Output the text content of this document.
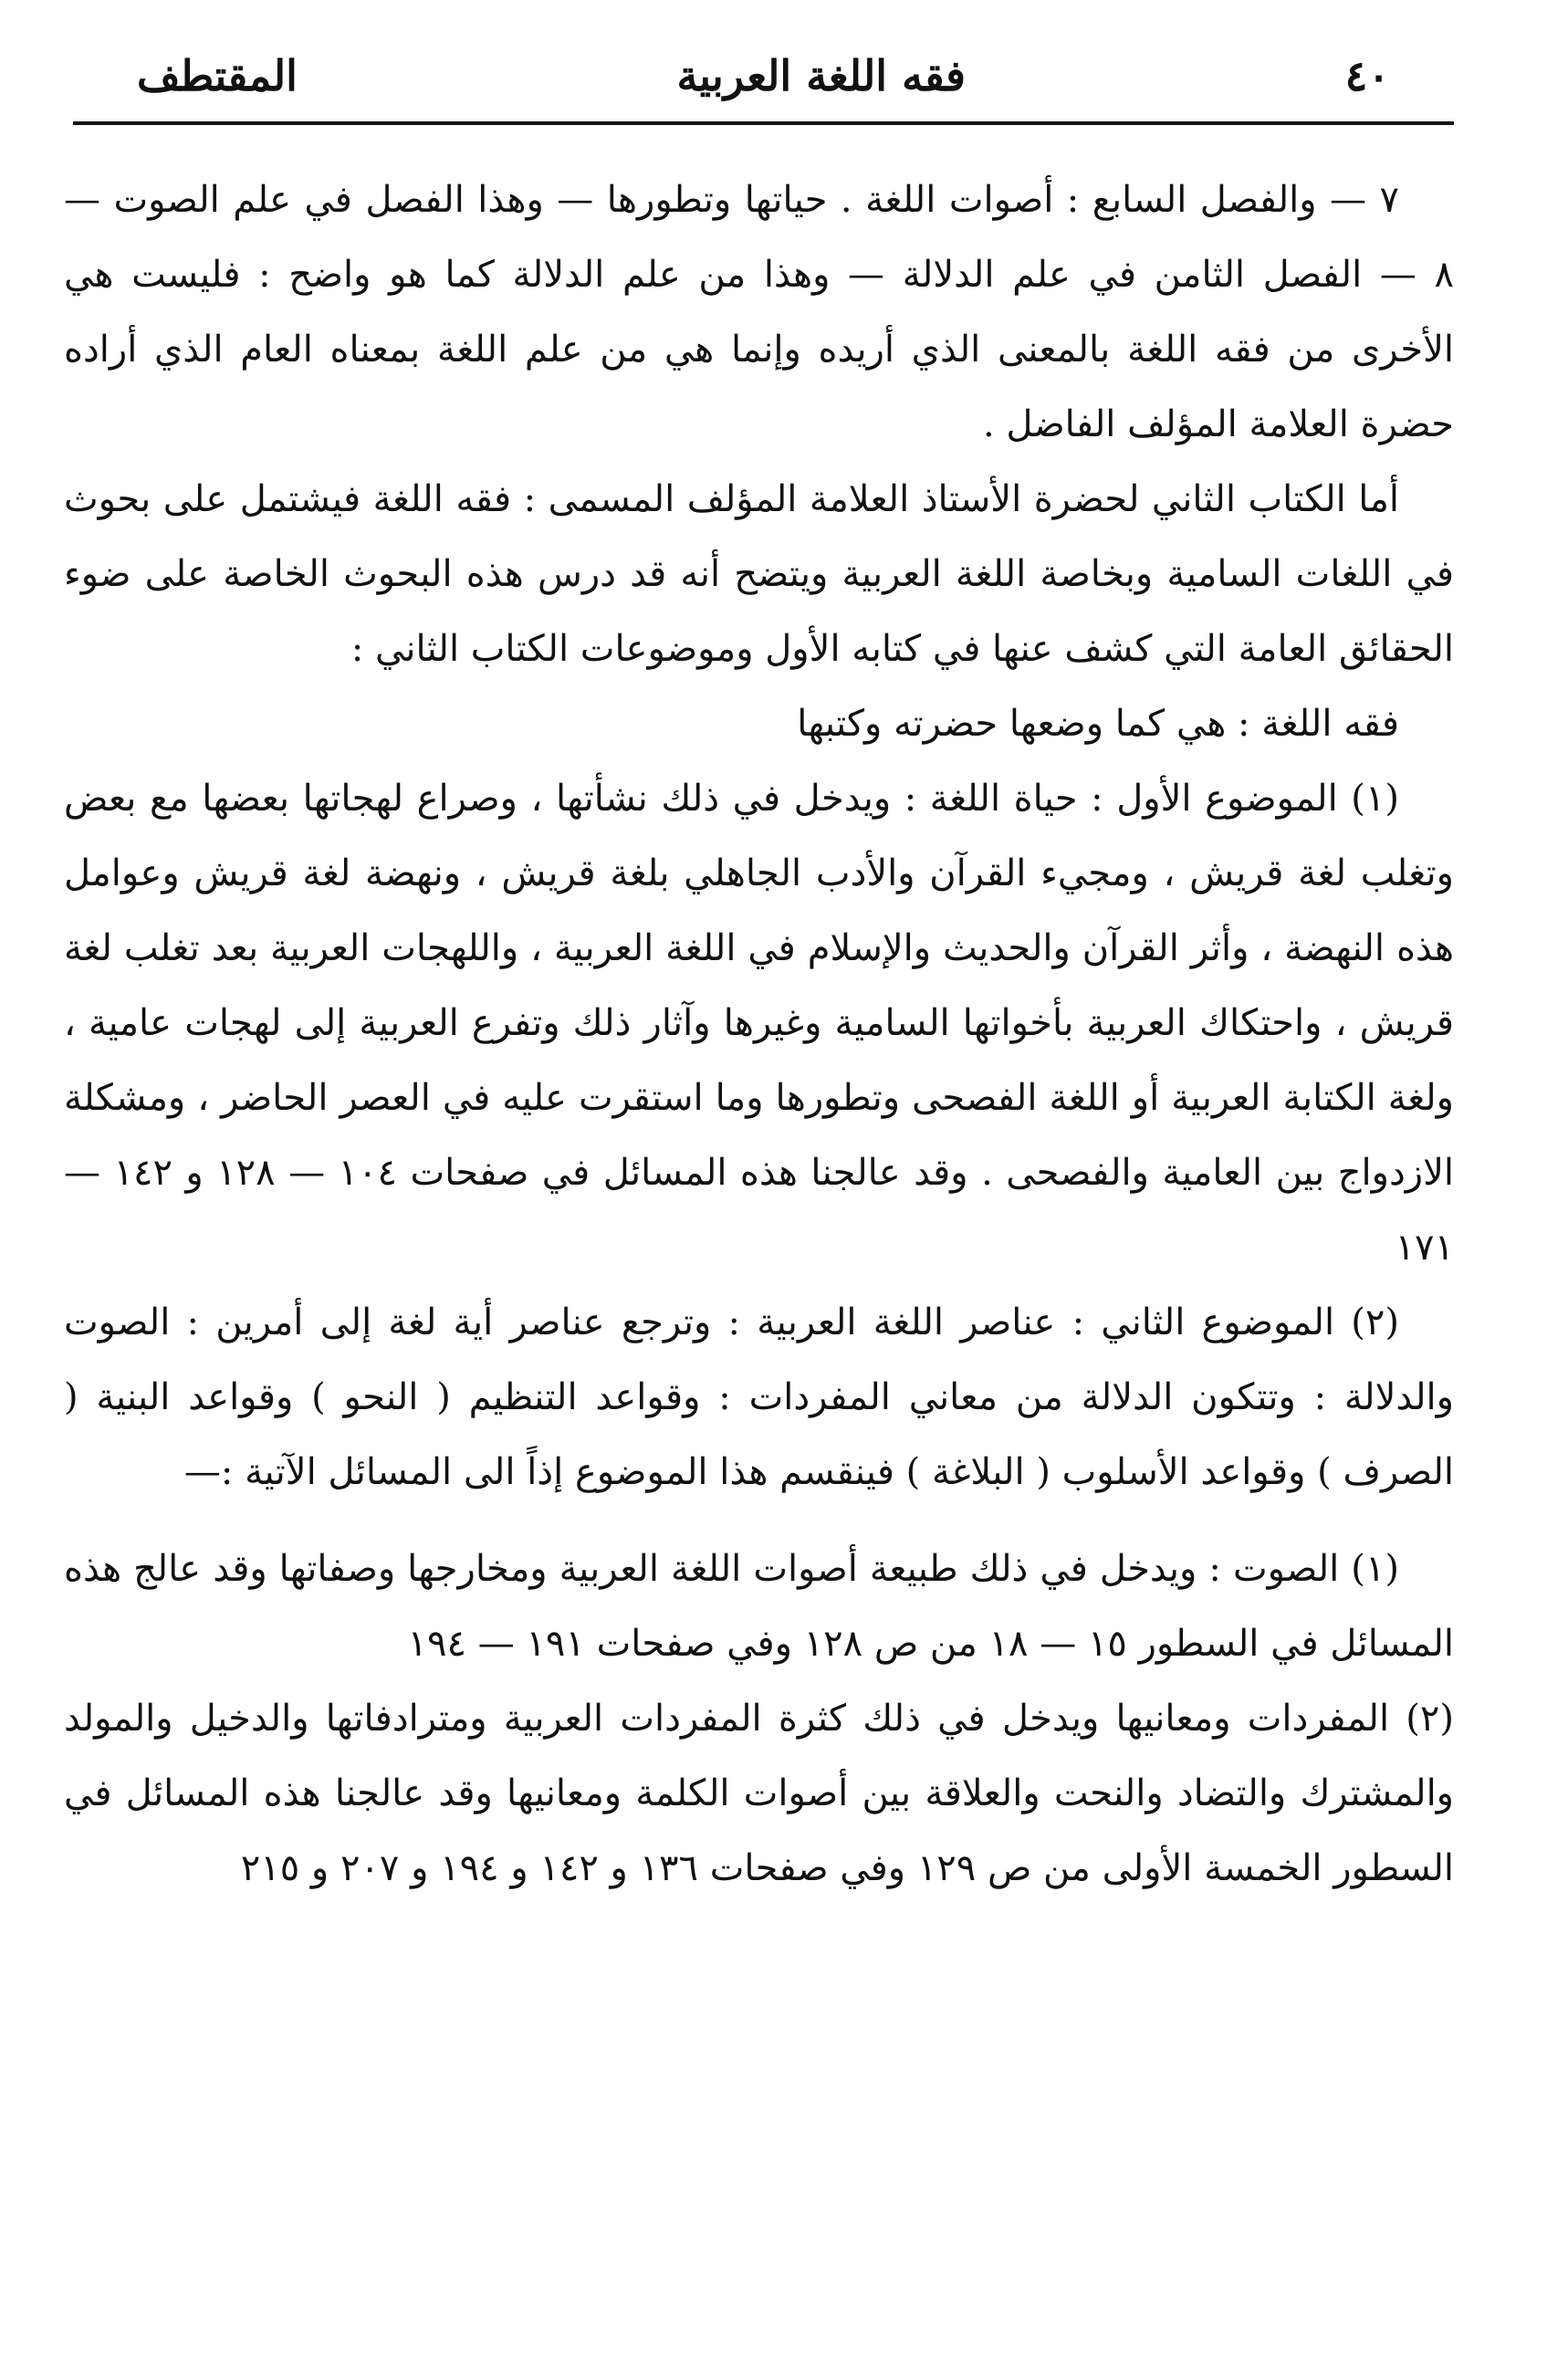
٤٠
فقه اللغة العربية
المقتطف

٧ — والفصل السابع : أصوات اللغة . حياتها وتطورها — وهذا الفصل في علم الصوت — ٨ — الفصل الثامن في علم الدلالة — وهذا من علم الدلالة كما هو واضح : فليست هي الأخرى من فقه اللغة بالمعنى الذي أريده وإنما هي من علم اللغة بمعناه العام الذي أراده حضرة العلامة المؤلف الفاضل .

أما الكتاب الثاني لحضرة الأستاذ العلامة المؤلف المسمى : فقه اللغة فيشتمل على بحوث في اللغات السامية وبخاصة اللغة العربية ويتضح أنه قد درس هذه البحوث الخاصة على ضوء الحقائق العامة التي كشف عنها في كتابه الأول وموضوعات الكتاب الثاني :

فقه اللغة : هي كما وضعها حضرته وكتبها

(١) الموضوع الأول : حياة اللغة : ويدخل في ذلك نشأتها ، وصراع لهجاتها بعضها مع بعض وتغلب لغة قريش ، ومجيء القرآن والأدب الجاهلي بلغة قريش ، ونهضة لغة قريش وعوامل هذه النهضة ، وأثر القرآن والحديث والإسلام في اللغة العربية ، واللهجات العربية بعد تغلب لغة قريش ، واحتكاك العربية بأخواتها السامية وغيرها وآثار ذلك وتفرع العربية إلى لهجات عامية ، ولغة الكتابة العربية أو اللغة الفصحى وتطورها وما استقرت عليه في العصر الحاضر ، ومشكلة الازدواج بين العامية والفصحى . وقد عالجنا هذه المسائل في صفحات ١٠٤ — ١٢٨ و ١٤٢ — ١٧١

(٢) الموضوع الثاني : عناصر اللغة العربية : وترجع عناصر أية لغة إلى أمرين : الصوت والدلالة : وتتكون الدلالة من معاني المفردات : وقواعد التنظيم ( النحو ) وقواعد البنية ( الصرف ) وقواعد الأسلوب ( البلاغة ) فينقسم هذا الموضوع إذاً الى المسائل الآتية :—

(١) الصوت : ويدخل في ذلك طبيعة أصوات اللغة العربية ومخارجها وصفاتها وقد عالج هذه المسائل في السطور ١٥ — ١٨ من ص ١٢٨ وفي صفحات ١٩١ — ١٩٤

(٢) المفردات ومعانيها ويدخل في ذلك كثرة المفردات العربية ومترادفاتها والدخيل والمولد والمشترك والتضاد والنحت والعلاقة بين أصوات الكلمة ومعانيها وقد عالجنا هذه المسائل في السطور الخمسة الأولى من ص ١٢٩ وفي صفحات ١٣٦ و ١٤٢ و ١٩٤ و ٢٠٧ و ٢١٥
